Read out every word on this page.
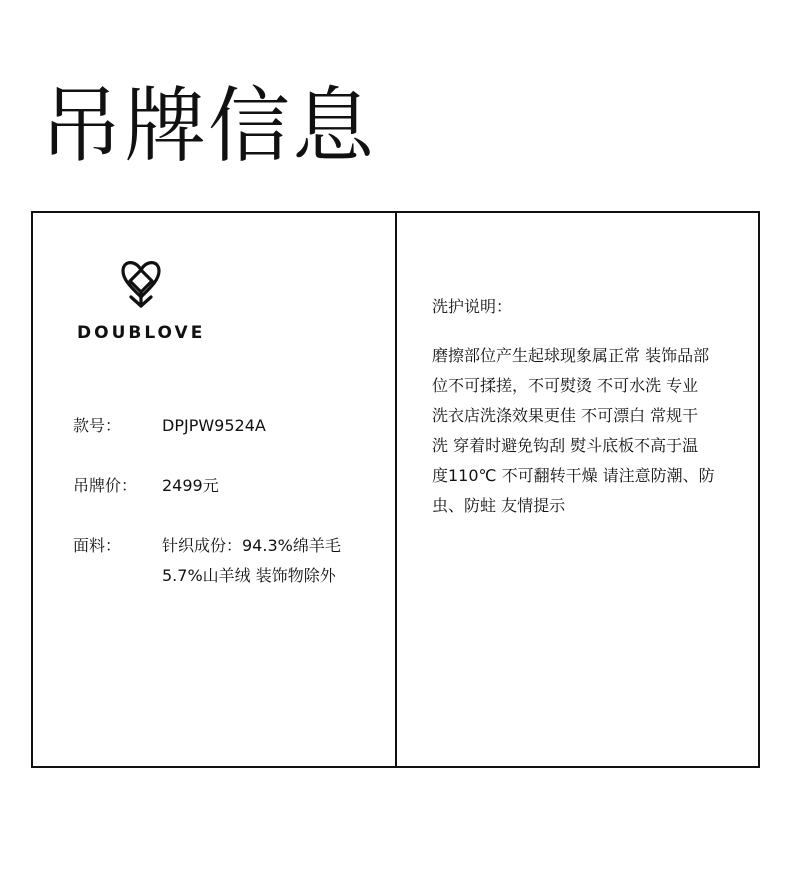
吊牌信息
DOUBLOVE
款号：	DPJPW9524A
吊牌价： 2499元
面料：	针织成份：94.3%绵羊毛
5.7%山羊绒 装饰物除外
洗护说明：
磨擦部位产生起球现象属正常 装饰品部
位不可揉搓，不可熨烫 不可水洗 专业
洗衣店洗涤效果更佳 不可漂白 常规干
洗 穿着时避免钩刮 熨斗底板不高于温
度110℃ 不可翻转干燥 请注意防潮、防
虫、防蛀 友情提示
